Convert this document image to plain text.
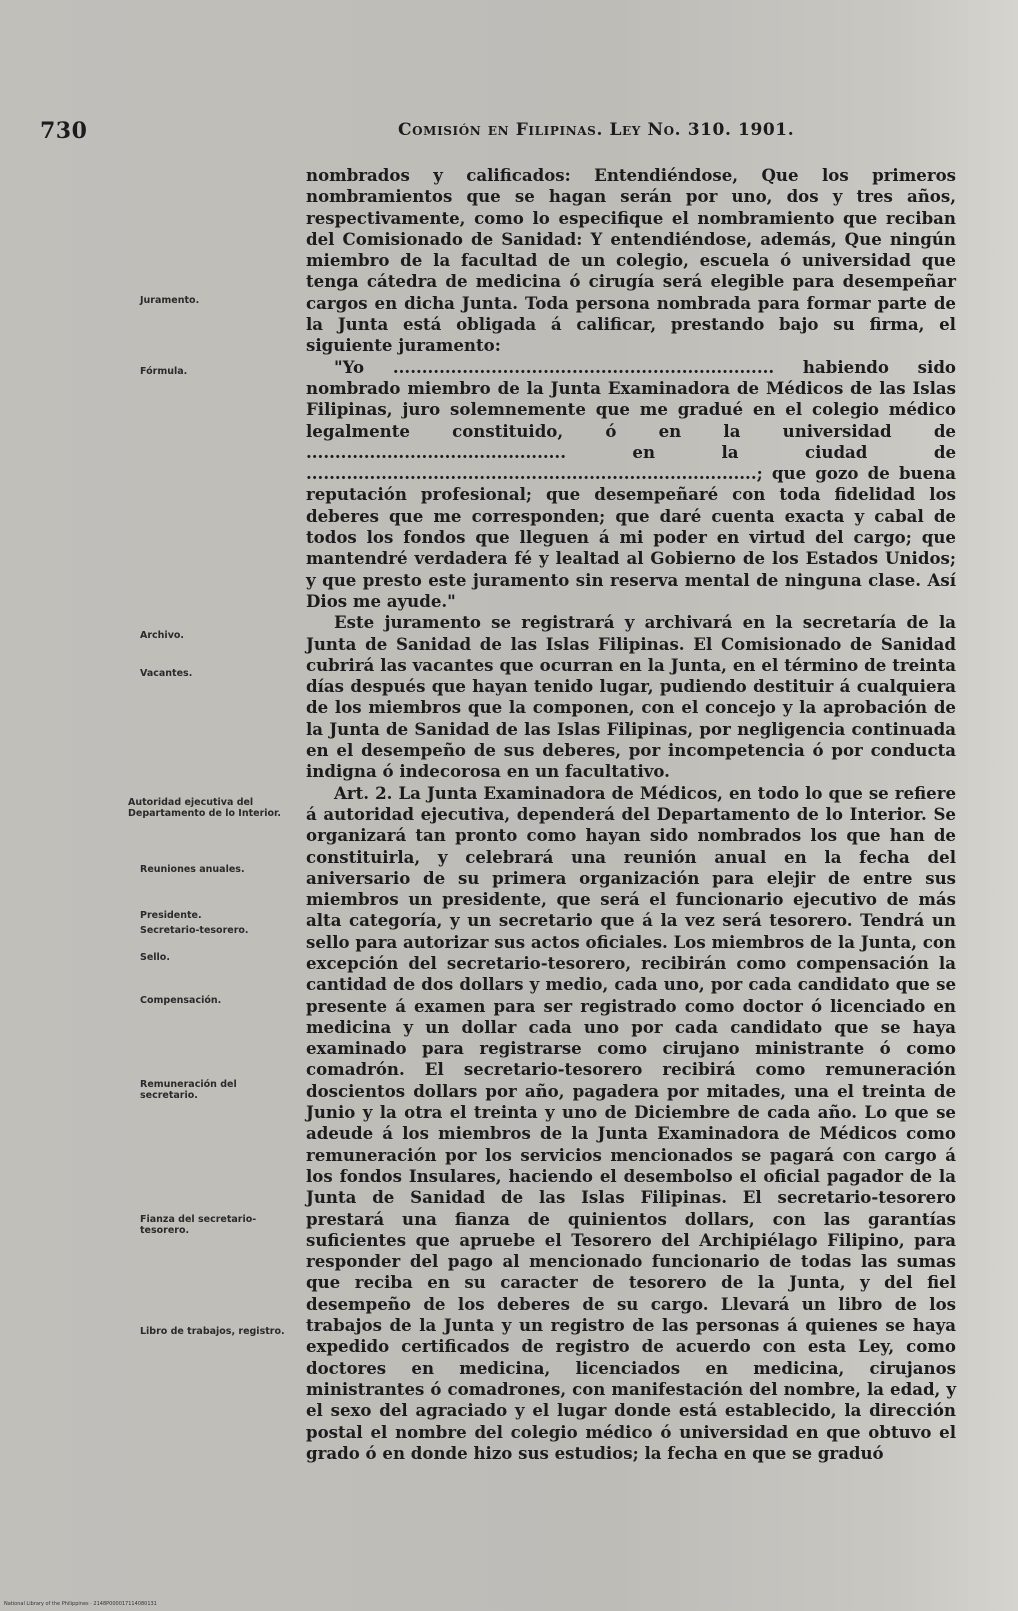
730	Comisión en Filipinas. Ley No. 310. 1901.
Juramento.
Fórmula.
Archivo.
Vacantes.
Autoridad ejecutiva del Departamento de lo Interior.
Reuniones anuales.
Presidente.
Secretario-tesorero.
Sello.
Compensación.
Remuneración del secretario.
Fianza del secretario-tesorero.
Libro de trabajos, registro.

nombrados y calificados: Entendiéndose, Que los primeros nombramientos que se hagan serán por uno, dos y tres años, respectivamente, como lo especifique el nombramiento que reciban del Comisionado de Sanidad: Y entendiéndose, además, Que ningún miembro de la facultad de un colegio, escuela ó universidad que tenga cátedra de medicina ó cirugía será elegible para desempeñar cargos en dicha Junta. Toda persona nombrada para formar parte de la Junta está obligada á calificar, prestando bajo su firma, el siguiente juramento:

"Yo .................................................................. habiendo sido nombrado miembro de la Junta Examinadora de Médicos de las Islas Filipinas, juro solemnemente que me gradué en el colegio médico legalmente constituido, ó en la universidad de ............................................. en la ciudad de ..............................................................................; que gozo de buena reputación profesional; que desempeñaré con toda fidelidad los deberes que me corresponden; que daré cuenta exacta y cabal de todos los fondos que lleguen á mi poder en virtud del cargo; que mantendré verdadera fé y lealtad al Gobierno de los Estados Unidos; y que presto este juramento sin reserva mental de ninguna clase. Así Dios me ayude."

Este juramento se registrará y archivará en la secretaría de la Junta de Sanidad de las Islas Filipinas. El Comisionado de Sanidad cubrirá las vacantes que ocurran en la Junta, en el término de treinta días después que hayan tenido lugar, pudiendo destituir á cualquiera de los miembros que la componen, con el concejo y la aprobación de la Junta de Sanidad de las Islas Filipinas, por negligencia continuada en el desempeño de sus deberes, por incompetencia ó por conducta indigna ó indecorosa en un facultativo.

Art. 2. La Junta Examinadora de Médicos, en todo lo que se refiere á autoridad ejecutiva, dependerá del Departamento de lo Interior. Se organizará tan pronto como hayan sido nombrados los que han de constituirla, y celebrará una reunión anual en la fecha del aniversario de su primera organización para elejir de entre sus miembros un presidente, que será el funcionario ejecutivo de más alta categoría, y un secretario que á la vez será tesorero. Tendrá un sello para autorizar sus actos oficiales. Los miembros de la Junta, con excepción del secretario-tesorero, recibirán como compensación la cantidad de dos dollars y medio, cada uno, por cada candidato que se presente á examen para ser registrado como doctor ó licenciado en medicina y un dollar cada uno por cada candidato que se haya examinado para registrarse como cirujano ministrante ó como comadrón. El secretario-tesorero recibirá como remuneración doscientos dollars por año, pagadera por mitades, una el treinta de Junio y la otra el treinta y uno de Diciembre de cada año. Lo que se adeude á los miembros de la Junta Examinadora de Médicos como remuneración por los servicios mencionados se pagará con cargo á los fondos Insulares, haciendo el desembolso el oficial pagador de la Junta de Sanidad de las Islas Filipinas. El secretario-tesorero prestará una fianza de quinientos dollars, con las garantías suficientes que apruebe el Tesorero del Archipiélago Filipino, para responder del pago al mencionado funcionario de todas las sumas que reciba en su caracter de tesorero de la Junta, y del fiel desempeño de los deberes de su cargo. Llevará un libro de los trabajos de la Junta y un registro de las personas á quienes se haya expedido certificados de registro de acuerdo con esta Ley, como doctores en medicina, licenciados en medicina, cirujanos ministrantes ó comadrones, con manifestación del nombre, la edad, y el sexo del agraciado y el lugar donde está establecido, la dirección postal el nombre del colegio médico ó universidad en que obtuvo el grado ó en donde hizo sus estudios; la fecha en que se graduó

National Library of the Philippines · 2148P000017114080131
